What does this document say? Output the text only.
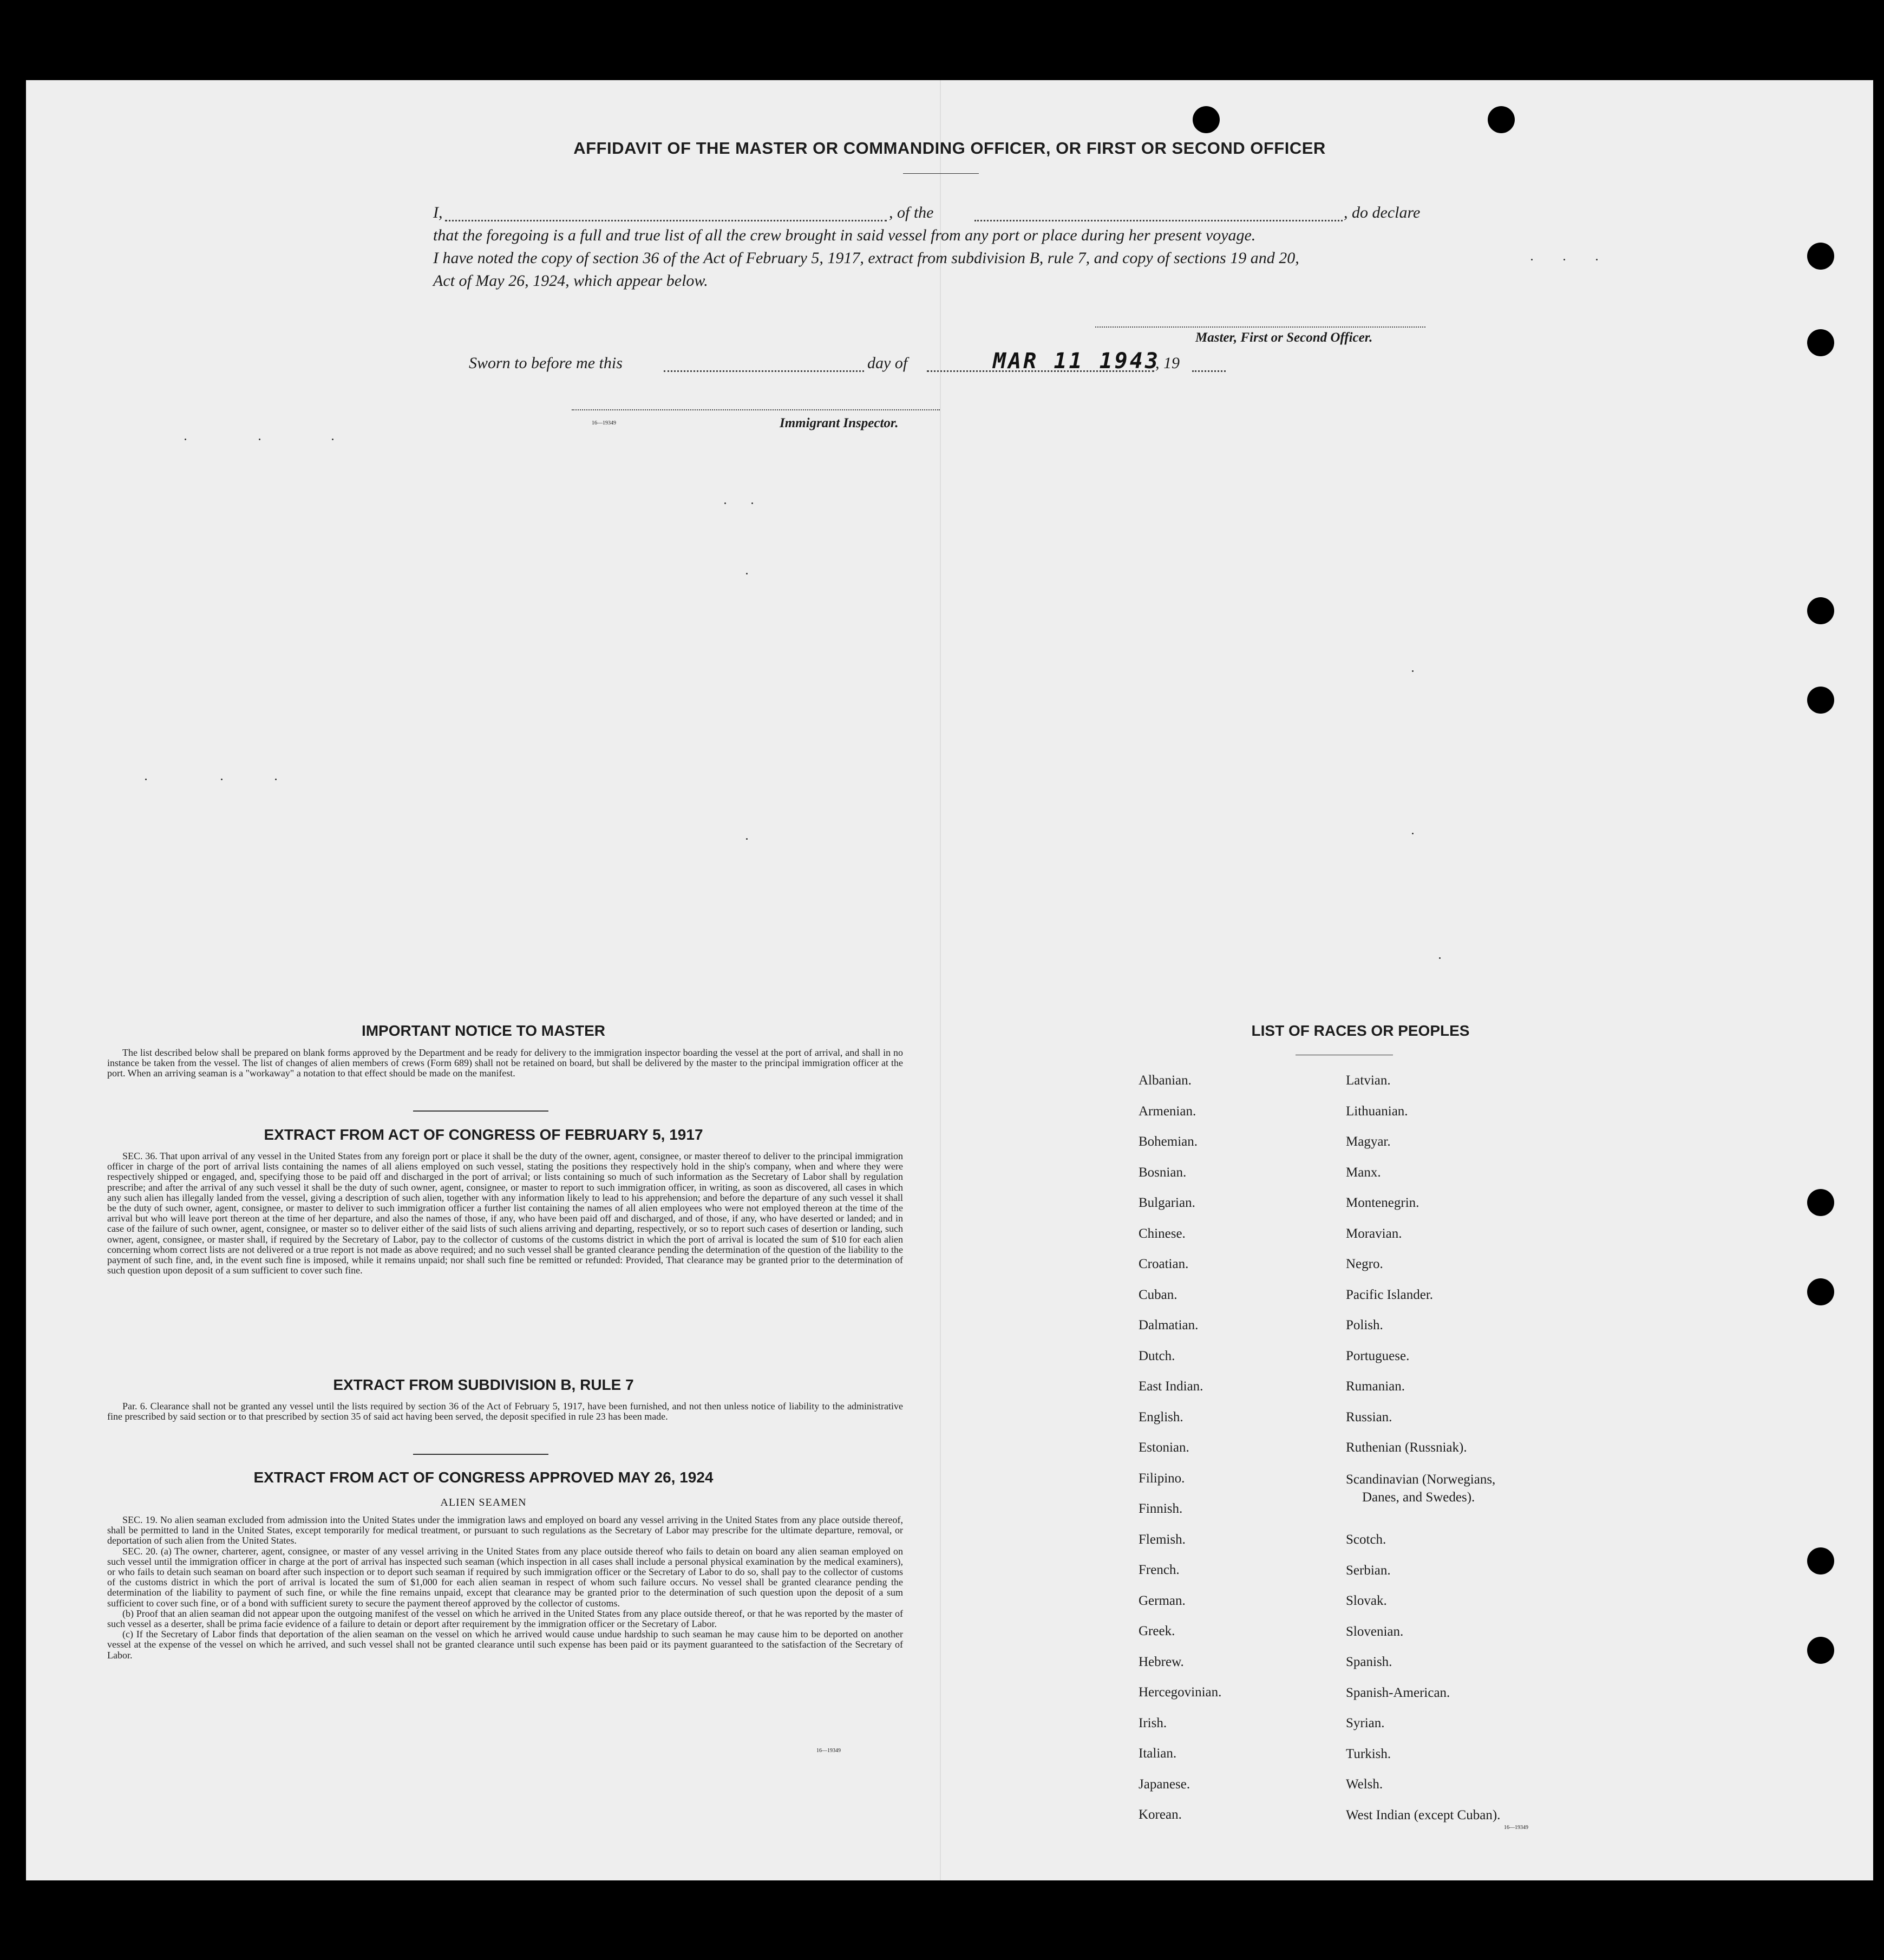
AFFIDAVIT OF THE MASTER OR COMMANDING OFFICER, OR FIRST OR SECOND OFFICER
I,	, of the	, do declare
that the foregoing is a full and true list of all the crew brought in said vessel from any port or place during her present voyage.
I have noted the copy of section 36 of the Act of February 5, 1917, extract from subdivision B, rule 7, and copy of sections 19 and 20,
Act of May 26, 1924, which appear below.
Master, First or Second Officer.
Sworn to before me this	day of	MAR 11 1943
, 19
16—19349	Immigrant Inspector.
IMPORTANT NOTICE TO MASTER
The list described below shall be prepared on blank forms approved by the Department and be ready for delivery to the immigration inspector boarding the vessel at the port of arrival, and shall in no instance be taken from the vessel. The list of changes of alien members of crews (Form 689) shall not be retained on board, but shall be delivered by the master to the principal immigration officer at the port. When an arriving seaman is a "workaway" a notation to that effect should be made on the manifest.
EXTRACT FROM ACT OF CONGRESS OF FEBRUARY 5, 1917
SEC. 36. That upon arrival of any vessel in the United States from any foreign port or place it shall be the duty of the owner, agent, consignee, or master thereof to deliver to the principal immigration officer in charge of the port of arrival lists containing the names of all aliens employed on such vessel, stating the positions they respectively hold in the ship's company, when and where they were respectively shipped or engaged, and, specifying those to be paid off and discharged in the port of arrival; or lists containing so much of such information as the Secretary of Labor shall by regulation prescribe; and after the arrival of any such vessel it shall be the duty of such owner, agent, consignee, or master to report to such immigration officer, in writing, as soon as discovered, all cases in which any such alien has illegally landed from the vessel, giving a description of such alien, together with any information likely to lead to his apprehension; and before the departure of any such vessel it shall be the duty of such owner, agent, consignee, or master to deliver to such immigration officer a further list containing the names of all alien employees who were not employed thereon at the time of the arrival but who will leave port thereon at the time of her departure, and also the names of those, if any, who have been paid off and discharged, and of those, if any, who have deserted or landed; and in case of the failure of such owner, agent, consignee, or master so to deliver either of the said lists of such aliens arriving and departing, respectively, or so to report such cases of desertion or landing, such owner, agent, consignee, or master shall, if required by the Secretary of Labor, pay to the collector of customs of the customs district in which the port of arrival is located the sum of $10 for each alien concerning whom correct lists are not delivered or a true report is not made as above required; and no such vessel shall be granted clearance pending the determination of the question of the liability to the payment of such fine, and, in the event such fine is imposed, while it remains unpaid; nor shall such fine be remitted or refunded: Provided, That clearance may be granted prior to the determination of such question upon deposit of a sum sufficient to cover such fine.
EXTRACT FROM SUBDIVISION B, RULE 7
Par. 6. Clearance shall not be granted any vessel until the lists required by section 36 of the Act of February 5, 1917, have been furnished, and not then unless notice of liability to the administrative fine prescribed by said section or to that prescribed by section 35 of said act having been served, the deposit specified in rule 23 has been made.
EXTRACT FROM ACT OF CONGRESS APPROVED MAY 26, 1924
ALIEN SEAMEN

SEC. 19. No alien seaman excluded from admission into the United States under the immigration laws and employed on board any vessel arriving in the United States from any place outside thereof, shall be permitted to land in the United States, except temporarily for medical treatment, or pursuant to such regulations as the Secretary of Labor may prescribe for the ultimate departure, removal, or deportation of such alien from the United States.

SEC. 20. (a) The owner, charterer, agent, consignee, or master of any vessel arriving in the United States from any place outside thereof who fails to detain on board any alien seaman employed on such vessel until the immigration officer in charge at the port of arrival has inspected such seaman (which inspection in all cases shall include a personal physical examination by the medical examiners), or who fails to detain such seaman on board after such inspection or to deport such seaman if required by such immigration officer or the Secretary of Labor to do so, shall pay to the collector of customs of the customs district in which the port of arrival is located the sum of $1,000 for each alien seaman in respect of whom such failure occurs. No vessel shall be granted clearance pending the determination of the liability to payment of such fine, or while the fine remains unpaid, except that clearance may be granted prior to the determination of such question upon the deposit of a sum sufficient to cover such fine, or of a bond with sufficient surety to secure the payment thereof approved by the collector of customs.

(b) Proof that an alien seaman did not appear upon the outgoing manifest of the vessel on which he arrived in the United States from any place outside thereof, or that he was reported by the master of such vessel as a deserter, shall be prima facie evidence of a failure to detain or deport after requirement by the immigration officer or the Secretary of Labor.

(c) If the Secretary of Labor finds that deportation of the alien seaman on the vessel on which he arrived would cause undue hardship to such seaman he may cause him to be deported on another vessel at the expense of the vessel on which he arrived, and such vessel shall not be granted clearance until such expense has been paid or its payment guaranteed to the satisfaction of the Secretary of Labor.

16—19349
LIST OF RACES OR PEOPLES
Albanian.
Armenian.
Bohemian.
Bosnian.
Bulgarian.
Chinese.
Croatian.
Cuban.
Dalmatian.
Dutch.
East Indian.
English.
Estonian.
Filipino.
Finnish.
Flemish.
French.
German.
Greek.
Hebrew.
Hercegovinian.
Irish.
Italian.
Japanese.
Korean.
Latvian.
Lithuanian.
Magyar.
Manx.
Montenegrin.
Moravian.
Negro.
Pacific Islander.
Polish.
Portuguese.
Rumanian.
Russian.
Ruthenian (Russniak).
Scandinavian (Norwegians,
Danes, and Swedes).
Scotch.
Serbian.
Slovak.
Slovenian.
Spanish.
Spanish-American.
Syrian.
Turkish.
Welsh.
West Indian (except Cuban).
16—19349
